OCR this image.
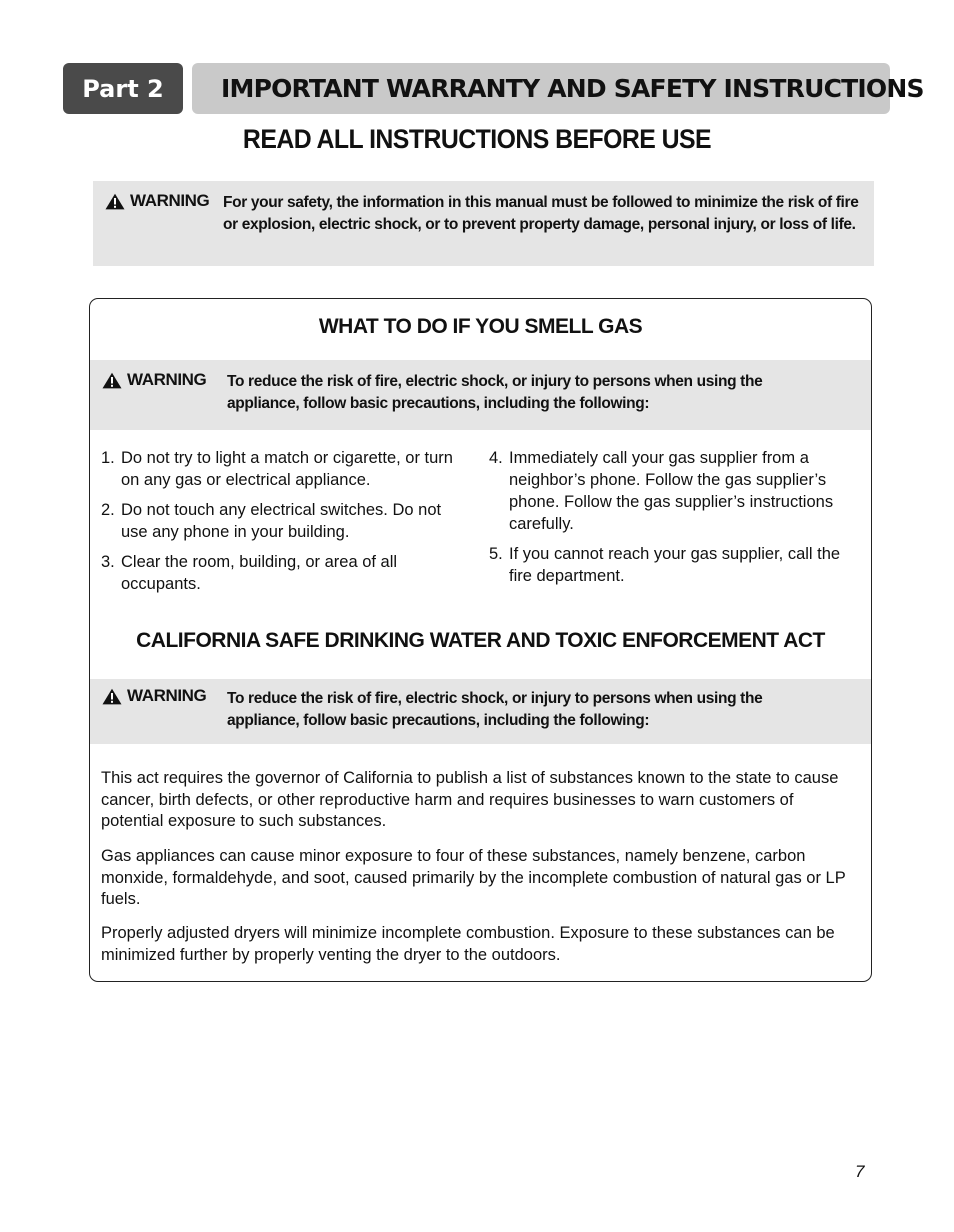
Part 2	IMPORTANT WARRANTY AND SAFETY INSTRUCTIONS
READ ALL INSTRUCTIONS BEFORE USE
WARNING For your safety, the information in this manual must be followed to minimize the risk of fire or explosion, electric shock, or to prevent property damage, personal injury, or loss of life.
WHAT TO DO IF YOU SMELL GAS
WARNING To reduce the risk of fire, electric shock, or injury to persons when using the appliance, follow basic precautions, including the following:
1. Do not try to light a match or cigarette, or turn on any gas or electrical appliance.
2. Do not touch any electrical switches. Do not use any phone in your building.
3. Clear the room, building, or area of all occupants.
4. Immediately call your gas supplier from a neighbor’s phone. Follow the gas supplier’s phone. Follow the gas supplier’s instructions carefully.
5. If you cannot reach your gas supplier, call the fire department.
CALIFORNIA SAFE DRINKING WATER AND TOXIC ENFORCEMENT ACT
WARNING To reduce the risk of fire, electric shock, or injury to persons when using the appliance, follow basic precautions, including the following:

This act requires the governor of California to publish a list of substances known to the state to cause cancer, birth defects, or other reproductive harm and requires businesses to warn customers of potential exposure to such substances.

Gas appliances can cause minor exposure to four of these substances, namely benzene, carbon monxide, formaldehyde, and soot, caused primarily by the incomplete combustion of natural gas or LP fuels.

Properly adjusted dryers will minimize incomplete combustion. Exposure to these substances can be minimized further by properly venting the dryer to the outdoors.

7
